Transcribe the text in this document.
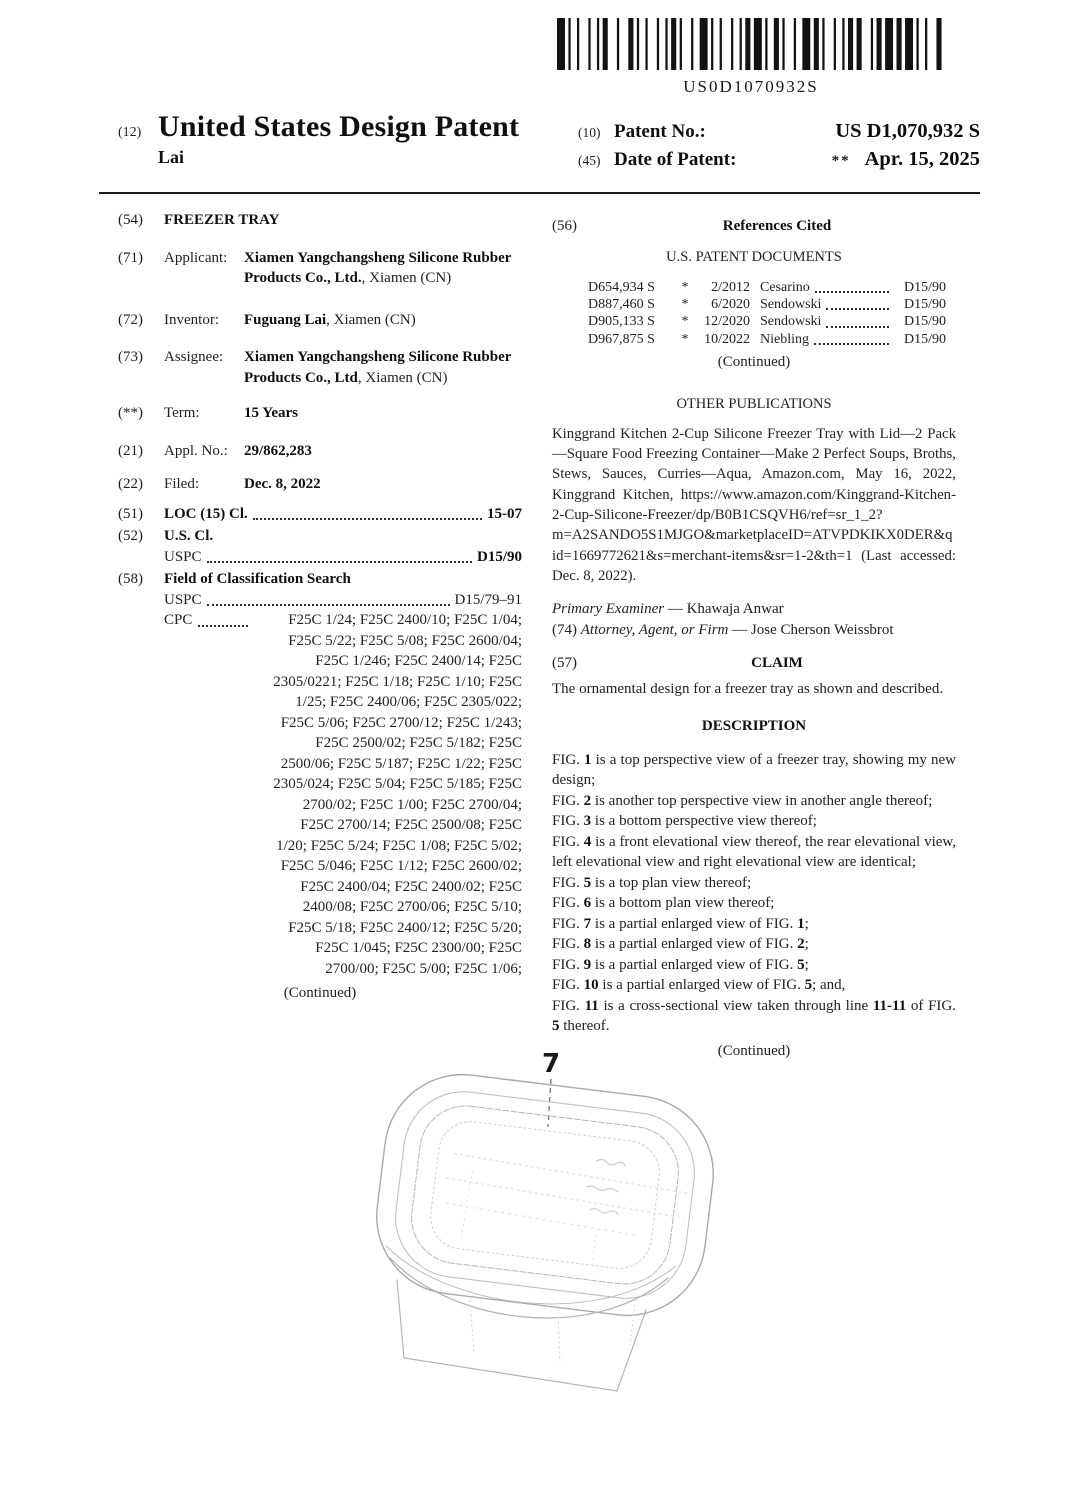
US0D1070932S
(12) United States Design Patent
Lai
(10) Patent No.:	US D1,070,932 S
(45) Date of Patent:	** Apr. 15, 2025
(54)	FREEZER TRAY
(71)	Applicant:	Xiamen Yangchangsheng Silicone Rubber Products Co., Ltd., Xiamen (CN)
(72)	Inventor:	Fuguang Lai, Xiamen (CN)
(73)	Assignee:	Xiamen Yangchangsheng Silicone Rubber Products Co., Ltd, Xiamen (CN)
(**)	Term:	15 Years
(21)	Appl. No.:	29/862,283
(22)	Filed:	Dec. 8, 2022
(51)	LOC (15) Cl.	15-07
(52)	U.S. Cl.
USPC	D15/90
(58)	Field of Classification Search
USPC	D15/79–91
CPC	F25C 1/24; F25C 2400/10; F25C 1/04;
F25C 5/22; F25C 5/08; F25C 2600/04;
F25C 1/246; F25C 2400/14; F25C
2305/0221; F25C 1/18; F25C 1/10; F25C
1/25; F25C 2400/06; F25C 2305/022;
F25C 5/06; F25C 2700/12; F25C 1/243;
F25C 2500/02; F25C 5/182; F25C
2500/06; F25C 5/187; F25C 1/22; F25C
2305/024; F25C 5/04; F25C 5/185; F25C
2700/02; F25C 1/00; F25C 2700/04;
F25C 2700/14; F25C 2500/08; F25C
1/20; F25C 5/24; F25C 1/08; F25C 5/02;
F25C 5/046; F25C 1/12; F25C 2600/02;
F25C 2400/04; F25C 2400/02; F25C
2400/08; F25C 2700/06; F25C 5/10;
F25C 5/18; F25C 2400/12; F25C 5/20;
F25C 1/045; F25C 2300/00; F25C
2700/00; F25C 5/00; F25C 1/06;
(Continued)
(56)	References Cited
U.S. PATENT DOCUMENTS
D654,934 S	*	2/2012 Cesarino	D15/90
D887,460 S	*	6/2020 Sendowski	D15/90
D905,133 S	*	12/2020 Sendowski	D15/90
D967,875 S	*	10/2022 Niebling	D15/90
(Continued)
OTHER PUBLICATIONS
Kinggrand Kitchen 2-Cup Silicone Freezer Tray with Lid—2 Pack—Square Food Freezing Container—Make 2 Perfect Soups, Broths, Stews, Sauces, Curries—Aqua, Amazon.com, May 16, 2022, Kinggrand Kitchen, https://www.amazon.com/Kinggrand-Kitchen-2-Cup-Silicone-Freezer/dp/B0B1CSQVH6/ref=sr_1_2?m=A2SANDO5S1MJGO&marketplaceID=ATVPDKIKX0DER&qid=1669772621&s=merchant-items&sr=1-2&th=1 (Last accessed: Dec. 8, 2022).
Primary Examiner — Khawaja Anwar
(74) Attorney, Agent, or Firm — Jose Cherson Weissbrot
(57)	CLAIM
The ornamental design for a freezer tray as shown and described.
DESCRIPTION
FIG. 1 is a top perspective view of a freezer tray, showing my new design;
FIG. 2 is another top perspective view in another angle thereof;
FIG. 3 is a bottom perspective view thereof;
FIG. 4 is a front elevational view thereof, the rear elevational view, left elevational view and right elevational view are identical;
FIG. 5 is a top plan view thereof;
FIG. 6 is a bottom plan view thereof;
FIG. 7 is a partial enlarged view of FIG. 1;
FIG. 8 is a partial enlarged view of FIG. 2;
FIG. 9 is a partial enlarged view of FIG. 5;
FIG. 10 is a partial enlarged view of FIG. 5; and,
FIG. 11 is a cross-sectional view taken through line 11-11 of FIG. 5 thereof.
(Continued)
7
